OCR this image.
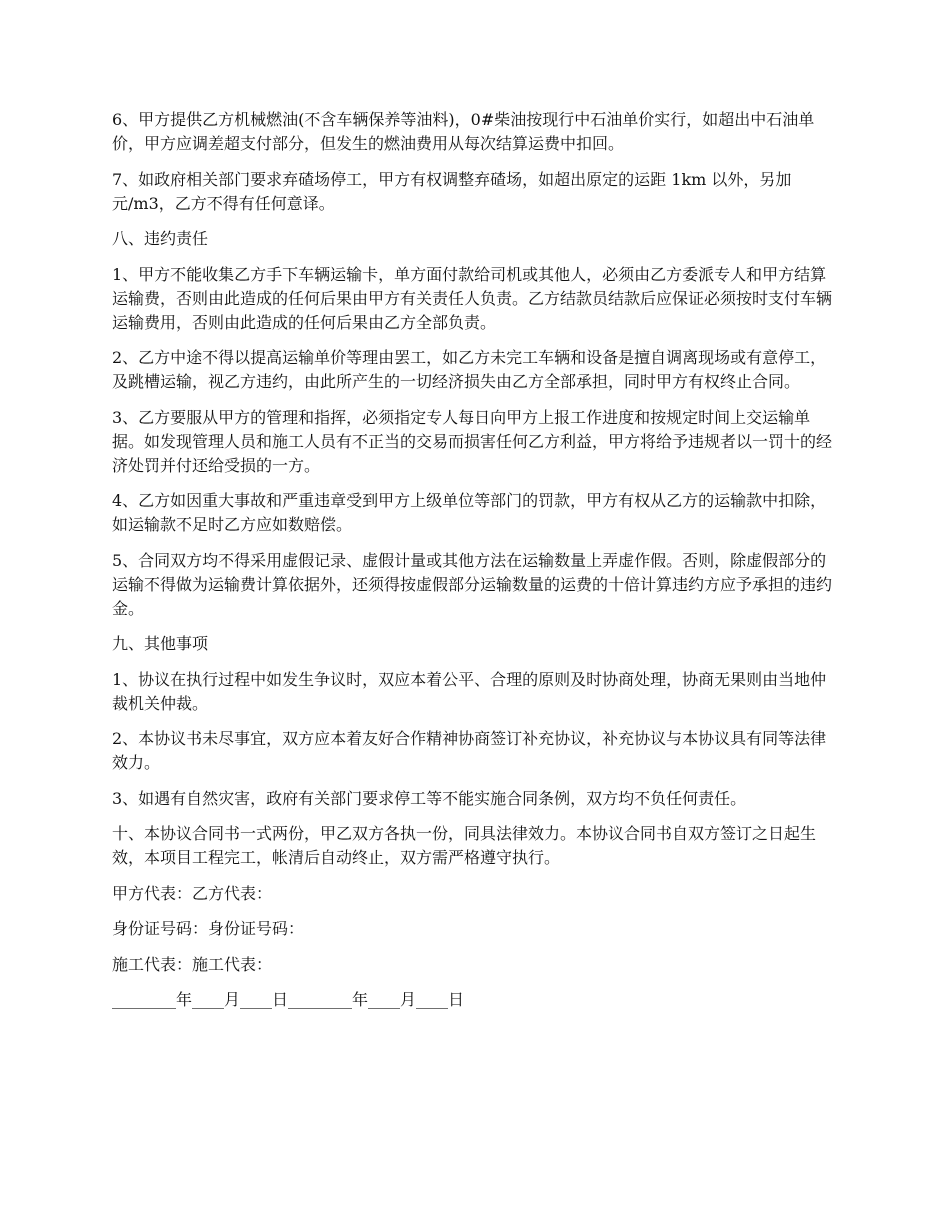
6、甲方提供乙方机械燃油(不含车辆保养等油料)，0#柴油按现行中石油单价实行，如超出中石油单价，甲方应调差超支付部分，但发生的燃油费用从每次结算运费中扣回。

7、如政府相关部门要求弃碴场停工，甲方有权调整弃碴场，如超出原定的运距 1km 以外，另加元/m3，乙方不得有任何意译。

八、违约责任

1、甲方不能收集乙方手下车辆运输卡，单方面付款给司机或其他人，必须由乙方委派专人和甲方结算运输费，否则由此造成的任何后果由甲方有关责任人负责。乙方结款员结款后应保证必须按时支付车辆运输费用，否则由此造成的任何后果由乙方全部负责。

2、乙方中途不得以提高运输单价等理由罢工，如乙方未完工车辆和设备是擅自调离现场或有意停工，及跳槽运输，视乙方违约，由此所产生的一切经济损失由乙方全部承担，同时甲方有权终止合同。

3、乙方要服从甲方的管理和指挥，必须指定专人每日向甲方上报工作进度和按规定时间上交运输单据。如发现管理人员和施工人员有不正当的交易而损害任何乙方利益，甲方将给予违规者以一罚十的经济处罚并付还给受损的一方。

4、乙方如因重大事故和严重违章受到甲方上级单位等部门的罚款，甲方有权从乙方的运输款中扣除，如运输款不足时乙方应如数赔偿。

5、合同双方均不得采用虚假记录、虚假计量或其他方法在运输数量上弄虚作假。否则，除虚假部分的运输不得做为运输费计算依据外，还须得按虚假部分运输数量的运费的十倍计算违约方应予承担的违约金。

九、其他事项

1、协议在执行过程中如发生争议时，双应本着公平、合理的原则及时协商处理，协商无果则由当地仲裁机关仲裁。

2、本协议书未尽事宜，双方应本着友好合作精神协商签订补充协议，补充协议与本协议具有同等法律效力。

3、如遇有自然灾害，政府有关部门要求停工等不能实施合同条例，双方均不负任何责任。

十、本协议合同书一式两份，甲乙双方各执一份，同具法律效力。本协议合同书自双方签订之日起生效，本项目工程完工，帐清后自动终止，双方需严格遵守执行。

甲方代表：乙方代表：

身份证号码：身份证号码：

施工代表：施工代表：

________年____月____日________年____月____日
